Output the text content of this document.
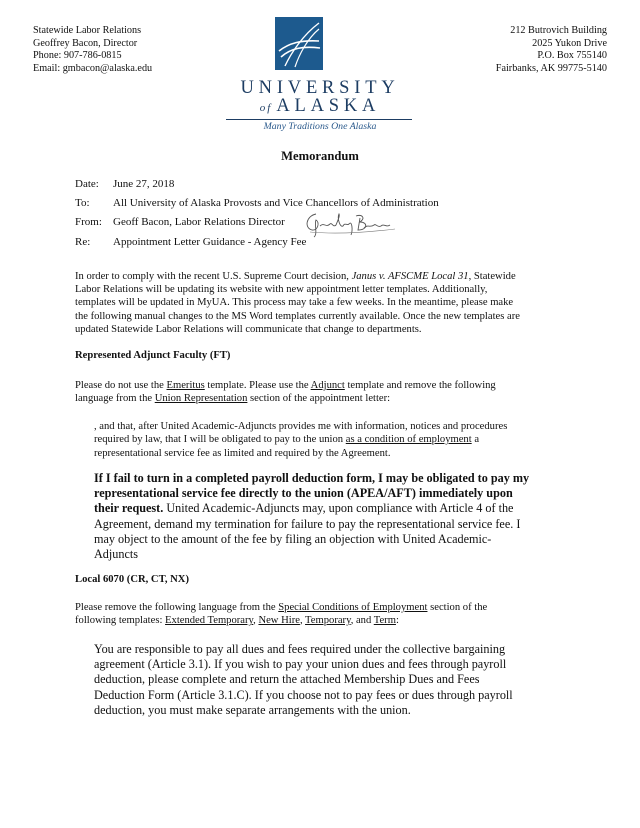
Statewide Labor Relations
Geoffrey Bacon, Director
Phone: 907-786-0815
Email: gmbacon@alaska.edu
212 Butrovich Building
2025 Yukon Drive
P.O. Box 755140
Fairbanks, AK 99775-5140
UNIVERSITY
of ALASKA
Many Traditions One Alaska
Memorandum
Date: June 27, 2018
To: All University of Alaska Provosts and Vice Chancellors of Administration
From: Geoff Bacon, Labor Relations Director
Re: Appointment Letter Guidance - Agency Fee
In order to comply with the recent U.S. Supreme Court decision, Janus v. AFSCME Local 31, Statewide
Labor Relations will be updating its website with new appointment letter templates. Additionally,
templates will be updated in MyUA. This process may take a few weeks. In the meantime, please make
the following manual changes to the MS Word templates currently available. Once the new templates are
updated Statewide Labor Relations will communicate that change to departments.
Represented Adjunct Faculty (FT)
Please do not use the Emeritus template. Please use the Adjunct template and remove the following
language from the Union Representation section of the appointment letter:
, and that, after United Academic-Adjuncts provides me with information, notices and procedures
required by law, that I will be obligated to pay to the union as a condition of employment a
representational service fee as limited and required by the Agreement.
If I fail to turn in a completed payroll deduction form, I may be obligated to pay my
representational service fee directly to the union (APEA/AFT) immediately upon
their request. United Academic-Adjuncts may, upon compliance with Article 4 of the
Agreement, demand my termination for failure to pay the representational service fee. I
may object to the amount of the fee by filing an objection with United Academic-
Adjuncts
Local 6070 (CR, CT, NX)
Please remove the following language from the Special Conditions of Employment section of the
following templates: Extended Temporary, New Hire, Temporary, and Term:
You are responsible to pay all dues and fees required under the collective bargaining
agreement (Article 3.1). If you wish to pay your union dues and fees through payroll
deduction, please complete and return the attached Membership Dues and Fees
Deduction Form (Article 3.1.C). If you choose not to pay fees or dues through payroll
deduction, you must make separate arrangements with the union.
